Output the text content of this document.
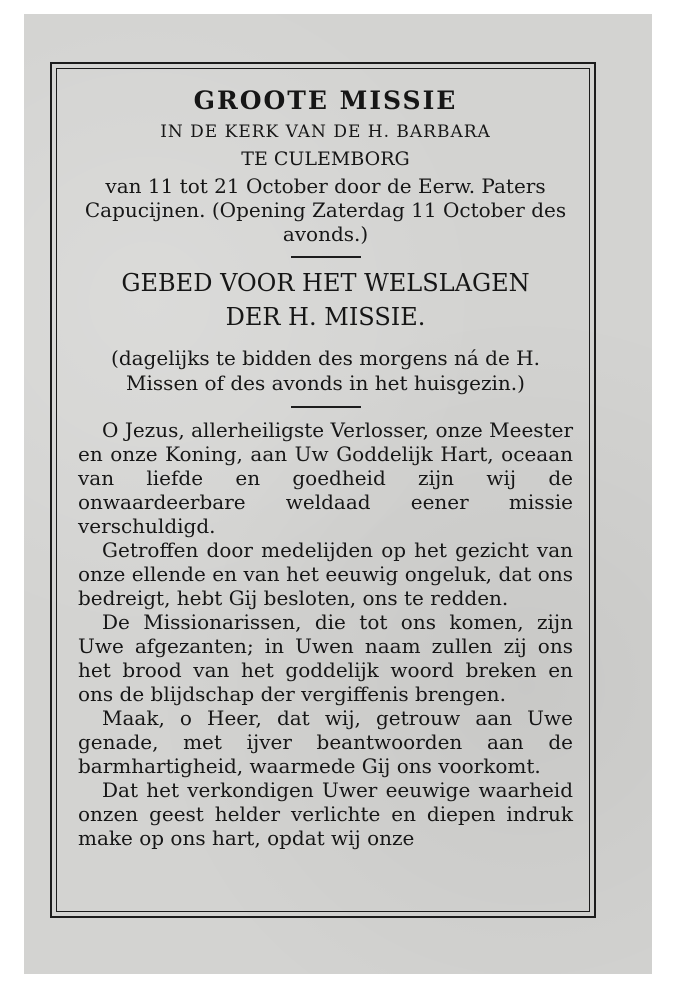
GROOTE MISSIE
IN DE KERK VAN DE H. BARBARA
TE CULEMBORG
van 11 tot 21 October door de Eerw. Paters Capucijnen. (Opening Zaterdag 11 October des avonds.)
GEBED VOOR HET WELSLAGEN
DER H. MISSIE.
(dagelijks te bidden des morgens ná de H. Missen of des avonds in het huisgezin.)

O Jezus, allerheiligste Verlosser, onze Meester en onze Koning, aan Uw Goddelijk Hart, oceaan van liefde en goedheid zijn wij de onwaardeerbare weldaad eener missie verschuldigd.

Getroffen door medelijden op het gezicht van onze ellende en van het eeuwig ongeluk, dat ons bedreigt, hebt Gij besloten, ons te redden.

De Missionarissen, die tot ons komen, zijn Uwe afgezanten; in Uwen naam zullen zij ons het brood van het goddelijk woord breken en ons de blijdschap der vergiffenis brengen.

Maak, o Heer, dat wij, getrouw aan Uwe genade, met ijver beantwoorden aan de barmhartigheid, waarmede Gij ons voorkomt.

Dat het verkondigen Uwer eeuwige waarheid onzen geest helder verlichte en diepen indruk make op ons hart, opdat wij onze
